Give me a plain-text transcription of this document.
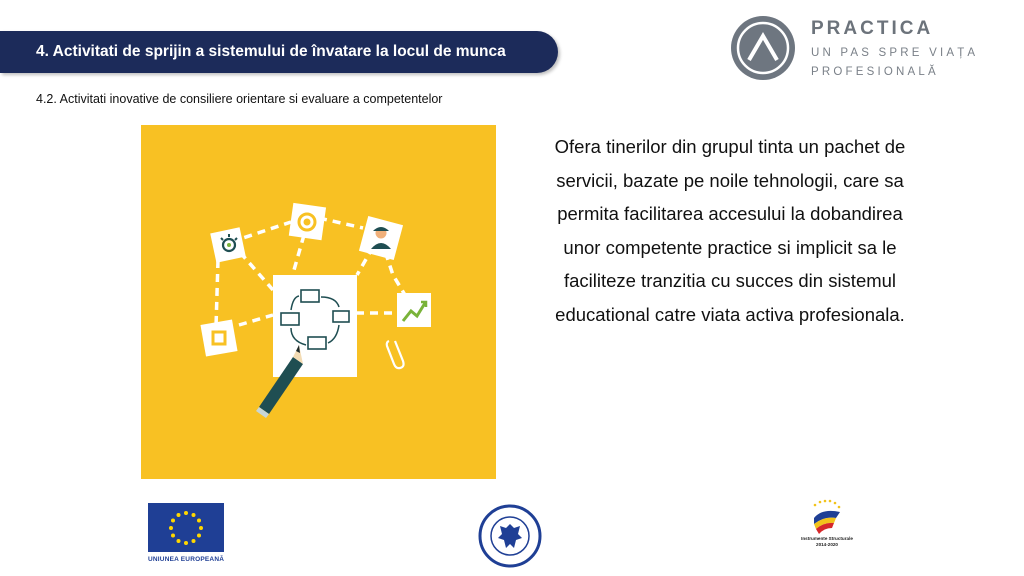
4. Activitati de sprijin a sistemului de învatare la locul de munca
4.2. Activitati inovative de consiliere orientare si evaluare a competentelor
PRACTICA
UN PAS SPRE VIAȚA
PROFESIONALĂ
Ofera tinerilor din grupul tinta un pachet de servicii, bazate pe noile tehnologii, care sa permita facilitarea accesului la dobandirea unor competente practice si implicit sa le faciliteze tranzitia cu succes din sistemul educational catre viata activa profesionala.
UNIUNEA EUROPEANĂ
Instrumente Structurale
2014-2020
